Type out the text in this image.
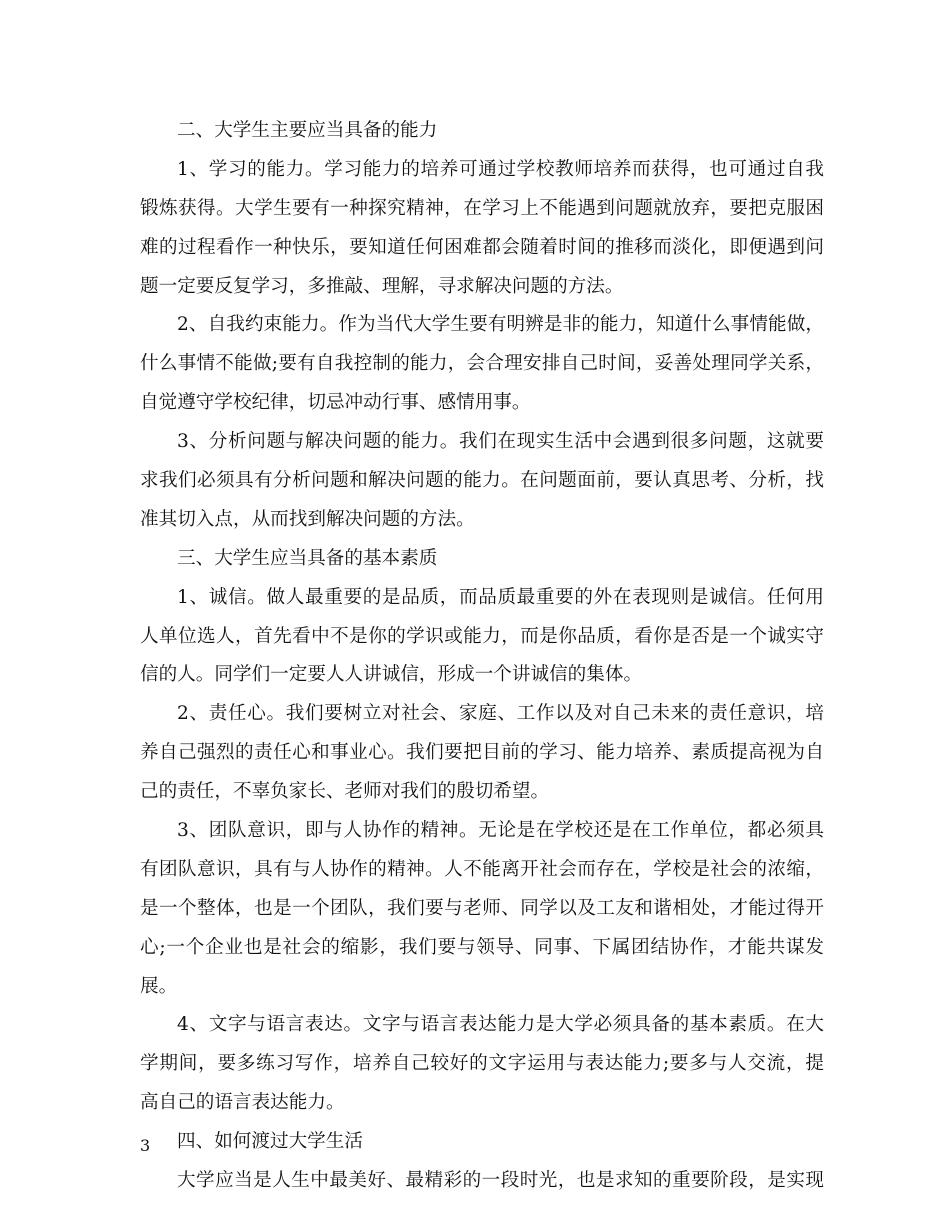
二、大学生主要应当具备的能力
1、学习的能力。学习能力的培养可通过学校教师培养而获得，也可通过自我
锻炼获得。大学生要有一种探究精神，在学习上不能遇到问题就放弃，要把克服困
难的过程看作一种快乐，要知道任何困难都会随着时间的推移而淡化，即便遇到问
题一定要反复学习，多推敲、理解，寻求解决问题的方法。
2、自我约束能力。作为当代大学生要有明辨是非的能力，知道什么事情能做，
什么事情不能做;要有自我控制的能力，会合理安排自己时间，妥善处理同学关系，
自觉遵守学校纪律，切忌冲动行事、感情用事。
3、分析问题与解决问题的能力。我们在现实生活中会遇到很多问题，这就要
求我们必须具有分析问题和解决问题的能力。在问题面前，要认真思考、分析，找
准其切入点，从而找到解决问题的方法。
三、大学生应当具备的基本素质
1、诚信。做人最重要的是品质，而品质最重要的外在表现则是诚信。任何用
人单位选人，首先看中不是你的学识或能力，而是你品质，看你是否是一个诚实守
信的人。同学们一定要人人讲诚信，形成一个讲诚信的集体。
2、责任心。我们要树立对社会、家庭、工作以及对自己未来的责任意识，培
养自己强烈的责任心和事业心。我们要把目前的学习、能力培养、素质提高视为自
己的责任，不辜负家长、老师对我们的殷切希望。
3、团队意识，即与人协作的精神。无论是在学校还是在工作单位，都必须具
有团队意识，具有与人协作的精神。人不能离开社会而存在，学校是社会的浓缩，
是一个整体，也是一个团队，我们要与老师、同学以及工友和谐相处，才能过得开
心;一个企业也是社会的缩影，我们要与领导、同事、下属团结协作，才能共谋发
展。
4、文字与语言表达。文字与语言表达能力是大学必须具备的基本素质。在大
学期间，要多练习写作，培养自己较好的文字运用与表达能力;要多与人交流，提
高自己的语言表达能力。
四、如何渡过大学生活
大学应当是人生中最美好、最精彩的一段时光，也是求知的重要阶段，是实现
3
